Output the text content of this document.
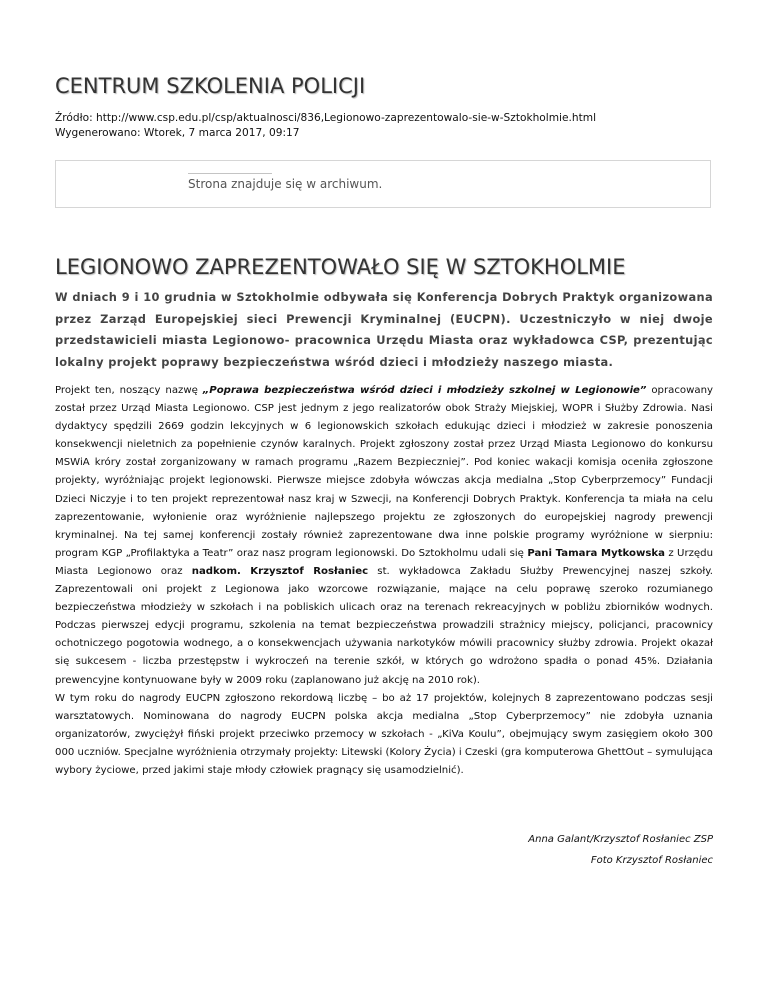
CENTRUM SZKOLENIA POLICJI
Źródło: http://www.csp.edu.pl/csp/aktualnosci/836,Legionowo-zaprezentowalo-sie-w-Sztokholmie.html
Wygenerowano: Wtorek, 7 marca 2017, 09:17
Strona znajduje się w archiwum.
LEGIONOWO ZAPREZENTOWAŁO SIĘ W SZTOKHOLMIE
W dniach 9 i 10 grudnia w Sztokholmie odbywała się Konferencja Dobrych Praktyk organizowana przez Zarząd Europejskiej sieci Prewencji Kryminalnej (EUCPN). Uczestniczyło w niej dwoje przedstawicieli miasta Legionowo- pracownica Urzędu Miasta oraz wykładowca CSP, prezentując lokalny projekt poprawy bezpieczeństwa wśród dzieci i młodzieży naszego miasta.

Projekt ten, noszący nazwę „Poprawa bezpieczeństwa wśród dzieci i młodzieży szkolnej w Legionowie” opracowany został przez Urząd Miasta Legionowo. CSP jest jednym z jego realizatorów obok Straży Miejskiej, WOPR i Służby Zdrowia. Nasi dydaktycy spędzili 2669 godzin lekcyjnych w 6 legionowskich szkołach edukując dzieci i młodzież w zakresie ponoszenia konsekwencji nieletnich za popełnienie czynów karalnych. Projekt zgłoszony został przez Urząd Miasta Legionowo do konkursu MSWiA króry został zorganizowany w ramach programu „Razem Bezpieczniej”. Pod koniec wakacji komisja oceniła zgłoszone projekty, wyróżniając projekt legionowski. Pierwsze miejsce zdobyła wówczas akcja medialna „Stop Cyberprzemocy” Fundacji Dzieci Niczyje i to ten projekt reprezentował nasz kraj w Szwecji, na Konferencji Dobrych Praktyk. Konferencja ta miała na celu zaprezentowanie, wyłonienie oraz wyróżnienie najlepszego projektu ze zgłoszonych do europejskiej nagrody prewencji kryminalnej. Na tej samej konferencji zostały również zaprezentowane dwa inne polskie programy wyróżnione w sierpniu: program KGP „Profilaktyka a Teatr” oraz nasz program legionowski. Do Sztokholmu udali się Pani Tamara Mytkowska z Urzędu Miasta Legionowo oraz nadkom. Krzysztof Rosłaniec st. wykładowca Zakładu Służby Prewencyjnej naszej szkoły. Zaprezentowali oni projekt z Legionowa jako wzorcowe rozwiązanie, mające na celu poprawę szeroko rozumianego bezpieczeństwa młodzieży w szkołach i na pobliskich ulicach oraz na terenach rekreacyjnych w pobliżu zbiorników wodnych. Podczas pierwszej edycji programu, szkolenia na temat bezpieczeństwa prowadzili strażnicy miejscy, policjanci, pracownicy ochotniczego pogotowia wodnego, a o konsekwencjach używania narkotyków mówili pracownicy służby zdrowia. Projekt okazał się sukcesem - liczba przestępstw i wykroczeń na terenie szkół, w których go wdrożono spadła o ponad 45%. Działania prewencyjne kontynuowane były w 2009 roku (zaplanowano już akcję na 2010 rok).

W tym roku do nagrody EUCPN zgłoszono rekordową liczbę – bo aż 17 projektów, kolejnych 8 zaprezentowano podczas sesji warsztatowych. Nominowana do nagrody EUCPN polska akcja medialna „Stop Cyberprzemocy” nie zdobyła uznania organizatorów, zwyciężył fiński projekt przeciwko przemocy w szkołach - „KiVa Koulu”, obejmujący swym zasięgiem około 300 000 uczniów. Specjalne wyróżnienia otrzymały projekty: Litewski (Kolory Życia) i Czeski (gra komputerowa GhettOut – symulująca wybory życiowe, przed jakimi staje młody człowiek pragnący się usamodzielnić).

Anna Galant/Krzysztof Rosłaniec ZSP
Foto Krzysztof Rosłaniec
